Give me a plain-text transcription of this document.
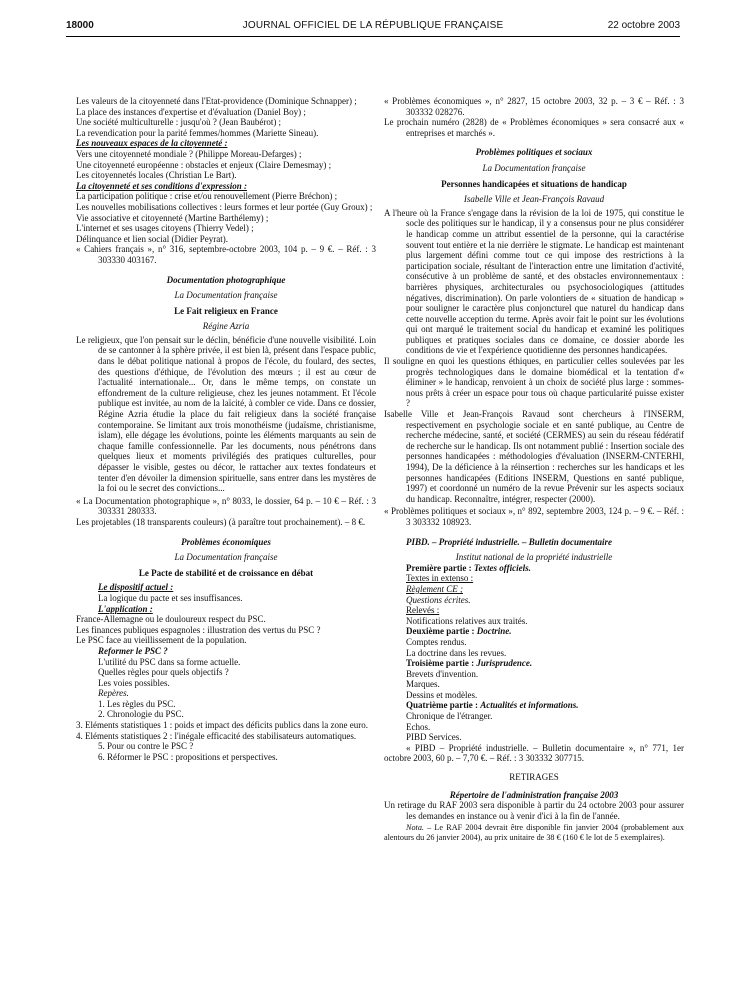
18000	JOURNAL OFFICIEL DE LA RÉPUBLIQUE FRANÇAISE	22 octobre 2003

Les valeurs de la citoyenneté dans l'Etat-providence (Dominique Schnapper) ;

La place des instances d'expertise et d'évaluation (Daniel Boy) ;

Une société multiculturelle : jusqu'où ? (Jean Baubérot) ;

La revendication pour la parité femmes/hommes (Mariette Sineau).

Les nouveaux espaces de la citoyenneté :

Vers une citoyenneté mondiale ? (Philippe Moreau-Defarges) ;

Une citoyenneté européenne : obstacles et enjeux (Claire Demesmay) ;

Les citoyennetés locales (Christian Le Bart).

La citoyenneté et ses conditions d'expression :

La participation politique : crise et/ou renouvellement (Pierre Bréchon) ;

Les nouvelles mobilisations collectives : leurs formes et leur portée (Guy Groux) ;

Vie associative et citoyenneté (Martine Barthélemy) ;

L'internet et ses usages citoyens (Thierry Vedel) ;

Délinquance et lien social (Didier Peyrat).

« Cahiers français », n° 316, septembre-octobre 2003, 104 p. – 9 €. – Réf. : 3 303330 403167.

Documentation photographique

La Documentation française

Le Fait religieux en France

Régine Azria

Le religieux, que l'on pensait sur le déclin, bénéficie d'une nouvelle visibilité. Loin de se cantonner à la sphère privée, il est bien là, présent dans l'espace public, dans le débat politique national à propos de l'école, du foulard, des sectes, des questions d'éthique, de l'évolution des mœurs ; il est au cœur de l'actualité internationale... Or, dans le même temps, on constate un effondrement de la culture religieuse, chez les jeunes notamment. Et l'école publique est invitée, au nom de la laïcité, à combler ce vide. Dans ce dossier, Régine Azria étudie la place du fait religieux dans la société française contemporaine. Se limitant aux trois monothéisme (judaïsme, christianisme, islam), elle dégage les évolutions, pointe les éléments marquants au sein de chaque famille confessionnelle. Par les documents, nous pénétrons dans quelques lieux et moments privilégiés des pratiques culturelles, pour dépasser le visible, gestes ou décor, le rattacher aux textes fondateurs et tenter d'en dévoiler la dimension spirituelle, sans entrer dans les mystères de la foi ou le secret des convictions...

« La Documentation photographique », n° 8033, le dossier, 64 p. – 10 € – Réf. : 3 303331 280333.

Les projetables (18 transparents couleurs) (à paraître tout prochainement). – 8 €.

Problèmes économiques

La Documentation française

Le Pacte de stabilité et de croissance en débat

Le dispositif actuel :

La logique du pacte et ses insuffisances.

L'application :

France-Allemagne ou le douloureux respect du PSC.

Les finances publiques espagnoles : illustration des vertus du PSC ?

Le PSC face au vieillissement de la population.

Reformer le PSC ?

L'utilité du PSC dans sa forme actuelle.

Quelles règles pour quels objectifs ?

Les voies possibles.

Repères.

1. Les règles du PSC.

2. Chronologie du PSC.

3. Eléments statistiques 1 : poids et impact des déficits publics dans la zone euro.

4. Eléments statistiques 2 : l'inégale efficacité des stabilisateurs automatiques.

5. Pour ou contre le PSC ?

6. Réformer le PSC : propositions et perspectives.

« Problèmes économiques », n° 2827, 15 octobre 2003, 32 p. – 3 € – Réf. : 3 303332 028276.

Le prochain numéro (2828) de « Problèmes économiques » sera consacré aux « entreprises et marchés ».

Problèmes politiques et sociaux

La Documentation française

Personnes handicapées et situations de handicap

Isabelle Ville et Jean-François Ravaud

A l'heure où la France s'engage dans la révision de la loi de 1975, qui constitue le socle des politiques sur le handicap, il y a consensus pour ne plus considérer le handicap comme un attribut essentiel de la personne, qui la caractérise souvent tout entière et la nie derrière le stigmate. Le handicap est maintenant plus largement défini comme tout ce qui impose des restrictions à la participation sociale, résultant de l'interaction entre une limitation d'activité, consécutive à un problème de santé, et des obstacles environnementaux : barrières physiques, architecturales ou psychosociologiques (attitudes négatives, discrimination). On parle volontiers de « situation de handicap » pour souligner le caractère plus conjoncturel que naturel du handicap dans cette nouvelle acception du terme. Après avoir fait le point sur les évolutions qui ont marqué le traitement social du handicap et examiné les politiques publiques et pratiques sociales dans ce domaine, ce dossier aborde les conditions de vie et l'expérience quotidienne des personnes handicapées.

Il souligne en quoi les questions éthiques, en particulier celles soulevées par les progrès technologiques dans le domaine biomédical et la tentation d'« éliminer » le handicap, renvoient à un choix de société plus large : sommes-nous prêts à créer un espace pour tous où chaque particularité puisse exister ?

Isabelle Ville et Jean-François Ravaud sont chercheurs à l'INSERM, respectivement en psychologie sociale et en santé publique, au Centre de recherche médecine, santé, et société (CERMES) au sein du réseau fédératif de recherche sur le handicap. Ils ont notamment publié : Insertion sociale des personnes handicapées : méthodologies d'évaluation (INSERM-CNTERHI, 1994), De la déficience à la réinsertion : recherches sur les handicaps et les personnes handicapées (Editions INSERM, Questions en santé publique, 1997) et coordonné un numéro de la revue Prévenir sur les aspects sociaux du handicap. Reconnaître, intégrer, respecter (2000).

« Problèmes politiques et sociaux », n° 892, septembre 2003, 124 p. – 9 €. – Réf. : 3 303332 108923.

PIBD. – Propriété industrielle. – Bulletin documentaire

Institut national de la propriété industrielle

Première partie : Textes officiels.

Textes in extenso :

Règlement CE ;

Questions écrites.

Relevés :

Notifications relatives aux traités.

Deuxième partie : Doctrine.

Comptes rendus.

La doctrine dans les revues.

Troisième partie : Jurisprudence.

Brevets d'invention.

Marques.

Dessins et modèles.

Quatrième partie : Actualités et informations.

Chronique de l'étranger.

Echos.

PIBD Services.

« PIBD – Propriété industrielle. – Bulletin documentaire », n° 771, 1er octobre 2003, 60 p. – 7,70 €. – Réf. : 3 303332 307715.

RETIRAGES

Répertoire de l'administration française 2003

Un retirage du RAF 2003 sera disponible à partir du 24 octobre 2003 pour assurer les demandes en instance ou à venir d'ici à la fin de l'année.

Nota. – Le RAF 2004 devrait être disponible fin janvier 2004 (probablement aux alentours du 26 janvier 2004), au prix unitaire de 38 € (160 € le lot de 5 exemplaires).
